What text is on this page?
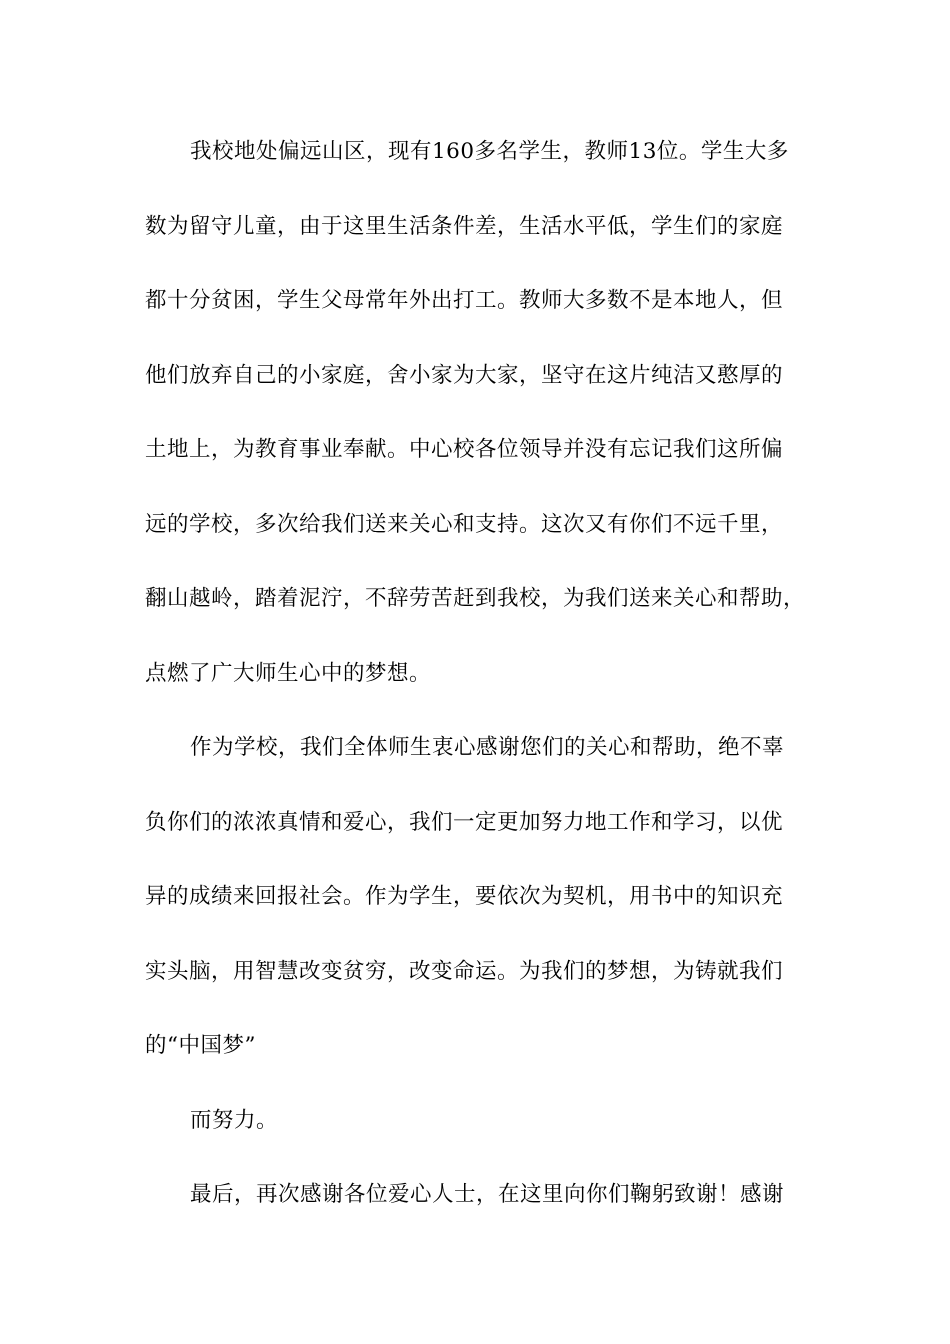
我校地处偏远山区，现有160多名学生，教师13位。学生大多
数为留守儿童，由于这里生活条件差，生活水平低，学生们的家庭
都十分贫困，学生父母常年外出打工。教师大多数不是本地人，但
他们放弃自己的小家庭，舍小家为大家，坚守在这片纯洁又憨厚的
土地上，为教育事业奉献。中心校各位领导并没有忘记我们这所偏
远的学校，多次给我们送来关心和支持。这次又有你们不远千里，
翻山越岭，踏着泥泞，不辞劳苦赶到我校，为我们送来关心和帮助，
点燃了广大师生心中的梦想。
作为学校，我们全体师生衷心感谢您们的关心和帮助，绝不辜
负你们的浓浓真情和爱心，我们一定更加努力地工作和学习，以优
异的成绩来回报社会。作为学生，要依次为契机，用书中的知识充
实头脑，用智慧改变贫穷，改变命运。为我们的梦想，为铸就我们
的“中国梦”
而努力。
最后，再次感谢各位爱心人士，在这里向你们鞠躬致谢！感谢
